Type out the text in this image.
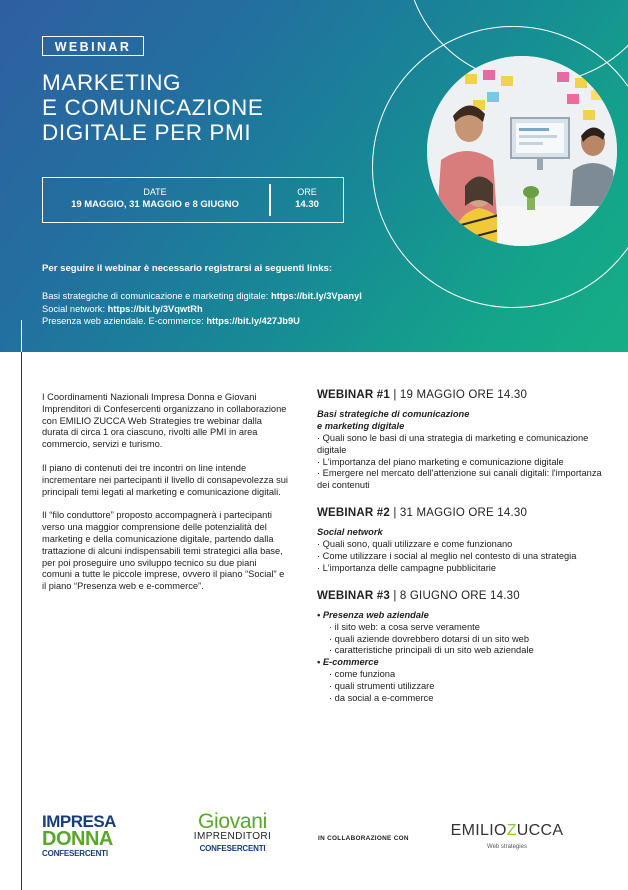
WEBINAR
MARKETING
E COMUNICAZIONE
DIGITALE PER PMI
DATE
19 MAGGIO, 31 MAGGIO e 8 GIUGNO
ORE
14.30
Per seguire il webinar è necessario registrarsi ai seguenti links:
Basi strategiche di comunicazione e marketing digitale: https://bit.ly/3VpanyI
Social network: https://bit.ly/3VqwtRh
Presenza web aziendale. E-commerce: https://bit.ly/427Jb9U

I Coordinamenti Nazionali Impresa Donna e Giovani Imprenditori di Confesercenti organizzano in collaborazione con EMILIO ZUCCA Web Strategies tre webinar dalla durata di circa 1 ora ciascuno, rivolti alle PMI in area commercio, servizi e turismo.

Il piano di contenuti dei tre incontri on line intende incrementare nei partecipanti il livello di consapevolezza sui principali temi legati al marketing e comunicazione digitali.

Il “filo conduttore” proposto accompagnerà i partecipanti verso una maggior comprensione delle potenzialità del marketing e della comunicazione digitale, partendo dalla trattazione di alcuni indispensabili temi strategici alla base, per poi proseguire uno sviluppo tecnico su due piani comuni a tutte le piccole imprese, ovvero il piano “Social” e il piano “Presenza web e e-commerce”.

WEBINAR #1 | 19 MAGGIO ORE 14.30
Basi strategiche di comunicazione
e marketing digitale
· Quali sono le basi di una strategia di marketing e comunicazione digitale
· L'importanza del piano marketing e comunicazione digitale
· Emergere nel mercato dell'attenzione sui canali digitali: l'importanza dei contenuti
WEBINAR #2 | 31 MAGGIO ORE 14.30
Social network
· Quali sono, quali utilizzare e come funzionano
· Come utilizzare i social al meglio nel contesto di una strategia
· L'importanza delle campagne pubblicitarie
WEBINAR #3 | 8 GIUGNO ORE 14.30
• Presenza web aziendale
· il sito web: a cosa serve veramente
· quali aziende dovrebbero dotarsi di un sito web
· caratteristiche principali di un sito web aziendale
• E-commerce
· come funziona
· quali strumenti utilizzare
· da social a e-commerce
IMPRESA
DONNA
CONFESERCENTI
Giovani
IMPRENDITORI
CONFESERCENTI
IN COLLABORAZIONE CON	EMILIOZUCCA
Web strategies
